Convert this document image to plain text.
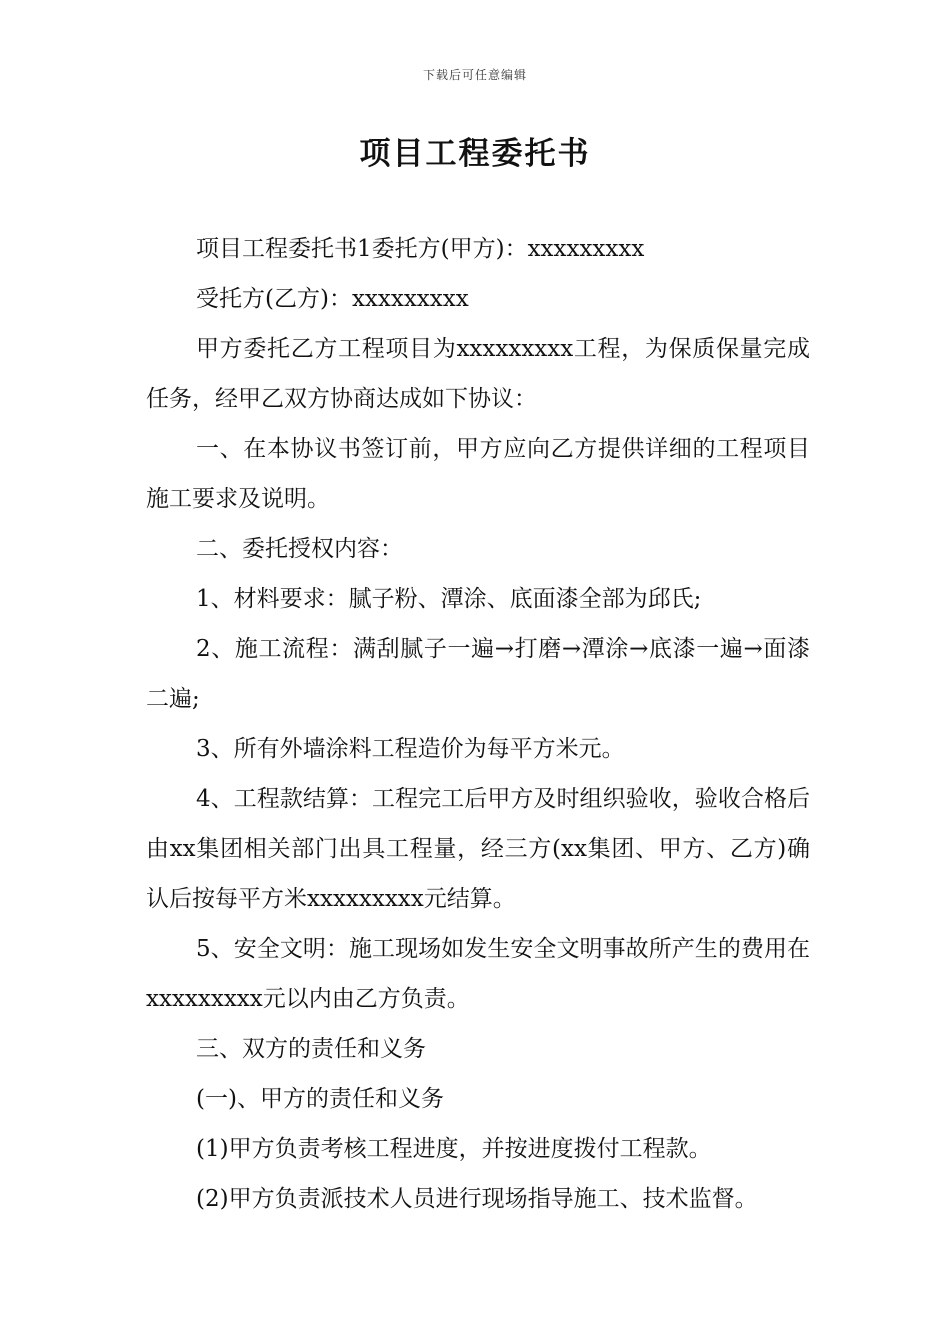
下载后可任意编辑
项目工程委托书

项目工程委托书1委托方(甲方)：xxxxxxxxx

受托方(乙方)：xxxxxxxxx

甲方委托乙方工程项目为xxxxxxxxx工程，为保质保量完成任务，经甲乙双方协商达成如下协议：

一、在本协议书签订前，甲方应向乙方提供详细的工程项目施工要求及说明。

二、委托授权内容：

1、材料要求：腻子粉、潭涂、底面漆全部为邱氏;

2、施工流程：满刮腻子一遍→打磨→潭涂→底漆一遍→面漆二遍;

3、所有外墙涂料工程造价为每平方米元。

4、工程款结算：工程完工后甲方及时组织验收，验收合格后由xx集团相关部门出具工程量，经三方(xx集团、甲方、乙方)确认后按每平方米xxxxxxxxx元结算。

5、安全文明：施工现场如发生安全文明事故所产生的费用在xxxxxxxxx元以内由乙方负责。

三、双方的责任和义务

(一)、甲方的责任和义务

(1)甲方负责考核工程进度，并按进度拨付工程款。

(2)甲方负责派技术人员进行现场指导施工、技术监督。
